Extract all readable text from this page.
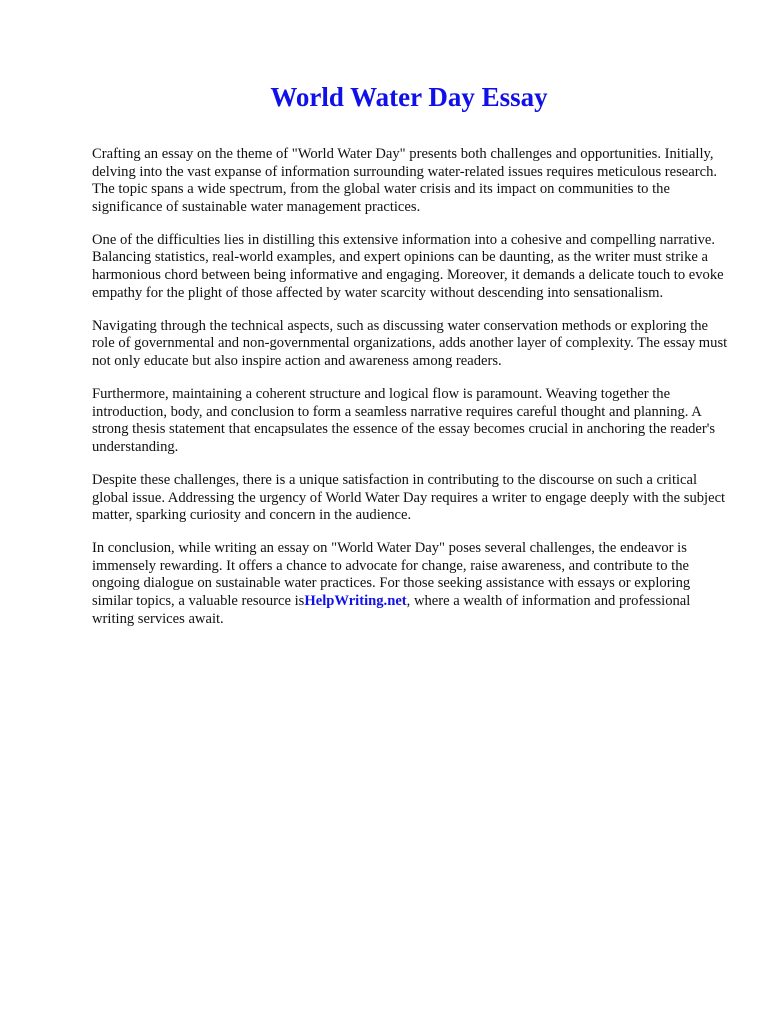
World Water Day Essay

Crafting an essay on the theme of "World Water Day" presents both challenges and opportunities. Initially, delving into the vast expanse of information surrounding water-related issues requires meticulous research. The topic spans a wide spectrum, from the global water crisis and its impact on communities to the significance of sustainable water management practices.

One of the difficulties lies in distilling this extensive information into a cohesive and compelling narrative. Balancing statistics, real-world examples, and expert opinions can be daunting, as the writer must strike a harmonious chord between being informative and engaging. Moreover, it demands a delicate touch to evoke empathy for the plight of those affected by water scarcity without descending into sensationalism.

Navigating through the technical aspects, such as discussing water conservation methods or exploring the role of governmental and non-governmental organizations, adds another layer of complexity. The essay must not only educate but also inspire action and awareness among readers.

Furthermore, maintaining a coherent structure and logical flow is paramount. Weaving together the introduction, body, and conclusion to form a seamless narrative requires careful thought and planning. A strong thesis statement that encapsulates the essence of the essay becomes crucial in anchoring the reader's understanding.

Despite these challenges, there is a unique satisfaction in contributing to the discourse on such a critical global issue. Addressing the urgency of World Water Day requires a writer to engage deeply with the subject matter, sparking curiosity and concern in the audience.

In conclusion, while writing an essay on "World Water Day" poses several challenges, the endeavor is immensely rewarding. It offers a chance to advocate for change, raise awareness, and contribute to the ongoing dialogue on sustainable water practices. For those seeking assistance with essays or exploring similar topics, a valuable resource isHelpWriting.net, where a wealth of information and professional writing services await.
